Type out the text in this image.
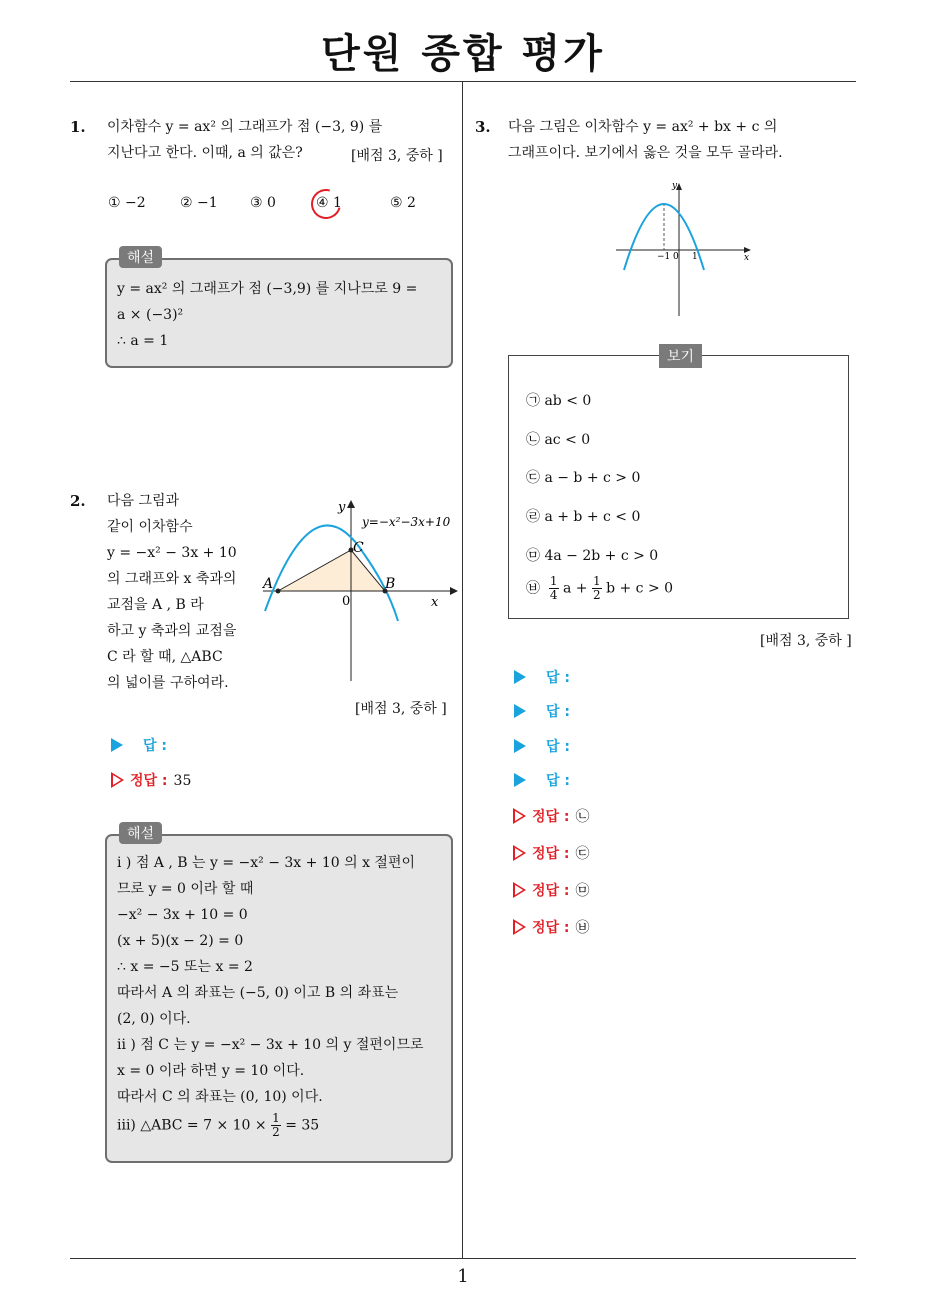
단원 종합 평가
1
1. 이차함수 y = ax² 의 그래프가 점 (−3, 9) 를
지난다고 한다. 이때, a 의 값은?	[배점 3, 중하 ]
① −2 ② −1 ③ 0	④ 1	⑤ 2
y = ax² 의 그래프가 점 (−3,9) 를 지나므로 9 =
a × (−3)²
∴ a = 1
해설
2. 다음 그림과
같이 이차함수
y = −x² − 3x + 10
의 그래프와 x 축과의
교점을 A , B 라
하고 y 축과의 교점을
C 라 할 때, △ABC
의 넓이를 구하여라.
y
x
0
y=−x²−3x+10
A	B
C
[배점 3, 중하 ]
답 :
정답 : 35
i ) 점 A , B 는 y = −x² − 3x + 10 의 x 절편이
므로 y = 0 이라 할 때
−x² − 3x + 10 = 0
(x + 5)(x − 2) = 0
∴ x = −5 또는 x = 2
따라서 A 의 좌표는 (−5, 0) 이고 B 의 좌표는
(2, 0) 이다.
ii ) 점 C 는 y = −x² − 3x + 10 의 y 절편이므로
x = 0 이라 하면 y = 10 이다.
따라서 C 의 좌표는 (0, 10) 이다.
iii) △ABC = $7 \times 10 \times \frac{1}{2} = 35$
해설
3. 다음 그림은 이차함수 y = ax² + bx + c 의
그래프이다. 보기에서 옳은 것을 모두 골라라.
y
x
−1 0 1
보기
㉠ ab < 0
㉡ ac < 0
㉢ a − b + c > 0
㉣ a + b + c < 0
㉤ 4a − 2b + c > 0
㉥ $\frac{1}{4}$ $a + \frac{1}{2}$ b + c > 0
[배점 3, 중하 ]
답 :
답 :
답 :
답 :
정답 : ㉡
정답 : ㉢
정답 : ㉤
정답 : ㉥
